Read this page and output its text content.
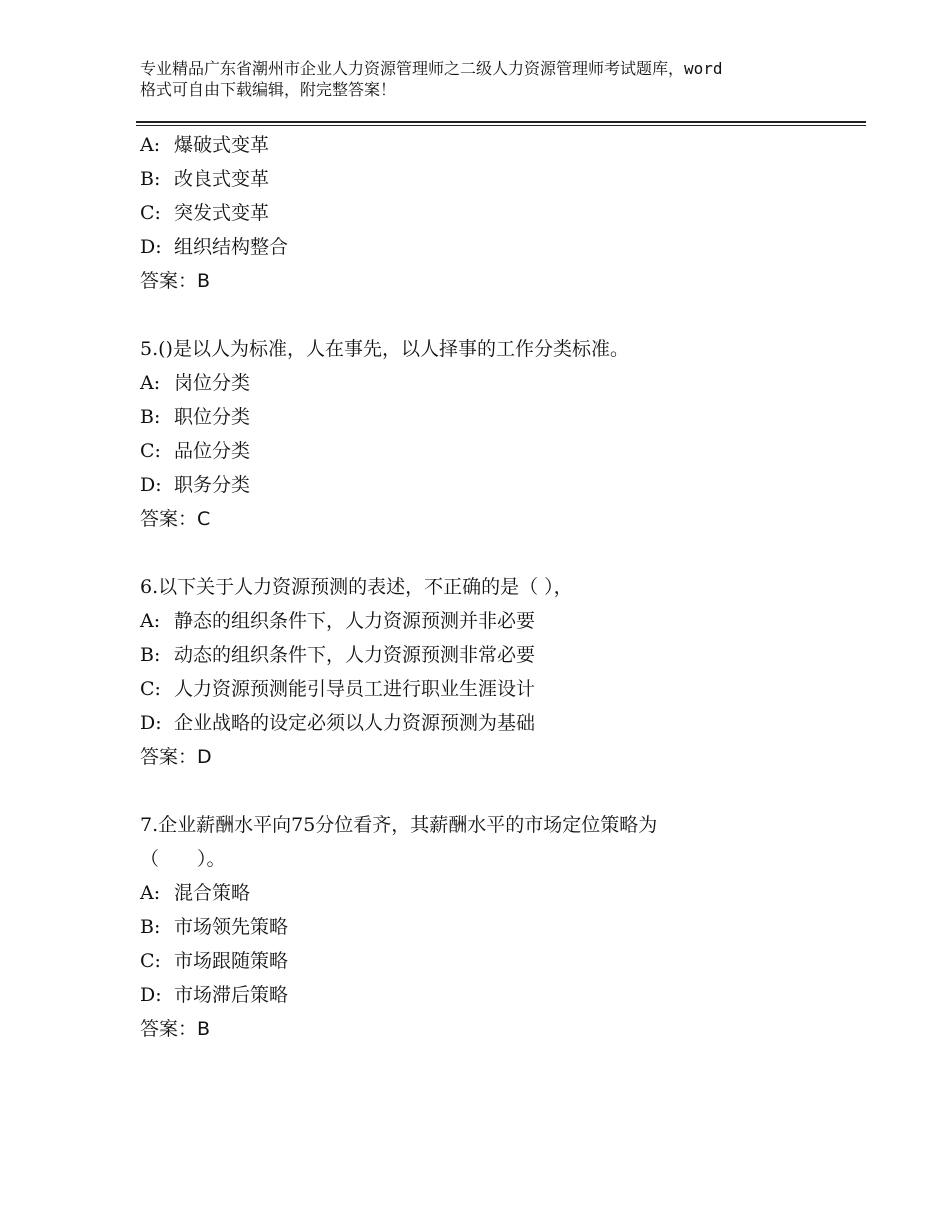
专业精品广东省潮州市企业人力资源管理师之二级人力资源管理师考试题库，word
格式可自由下载编辑，附完整答案！
A: 爆破式变革
B: 改良式变革
C: 突发式变革
D: 组织结构整合
答案：B
5.()是以人为标准，人在事先，以人择事的工作分类标准。
A: 岗位分类
B: 职位分类
C: 品位分类
D: 职务分类
答案：C
6.以下关于人力资源预测的表述，不正确的是（ ），
A: 静态的组织条件下，人力资源预测并非必要
B: 动态的组织条件下，人力资源预测非常必要
C: 人力资源预测能引导员工进行职业生涯设计
D: 企业战略的设定必须以人力资源预测为基础
答案：D
7.企业薪酬水平向75分位看齐，其薪酬水平的市场定位策略为
（　　）。
A: 混合策略
B: 市场领先策略
C: 市场跟随策略
D: 市场滞后策略
答案：B
